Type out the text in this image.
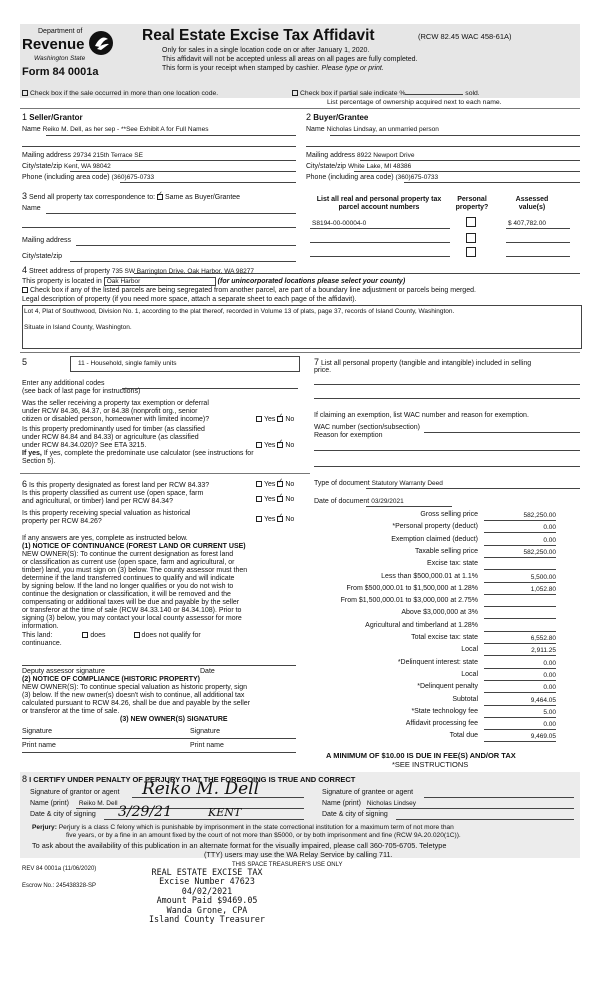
Department of
Revenue
Washington State
Form 84 0001a
Real Estate Excise Tax Affidavit	(RCW 82.45 WAC 458-61A)
Only for sales in a single location code on or after January 1, 2020.
This affidavit will not be accepted unless all areas on all pages are fully completed.
This form is your receipt when stamped by cashier. Please type or print.
Check box if the sale occurred in more than one location code.	Check box if partial sale indicate %	sold.
List percentage of ownership acquired next to each name.
1 Seller/Grantor
Name Reiko M. Dell, as her sep - **See Exhibit A for Full Names
Mailing address 29734 215th Terrace SE
City/state/zip Kent, WA 98042
Phone (including area code) (360)675-0733
2 Buyer/Grantee
Name Nicholas Lindsay, an unmarried person
Mailing address 8922 Newport Drive
City/state/zip White Lake, MI 48386
Phone (including area code) (360)675-0733
3 Send all property tax correspondence to: ✓ Same as Buyer/Grantee
Name
Mailing address
City/state/zip
List all real and personal property tax parcel account numbers
Personal property?
Assessed value(s)
S8194-00-00004-0	$ 407,782.00
4 Street address of property 735 SW Barrington Drive, Oak Harbor, WA 98277
This property is located in Oak Harbor	(for unincorporated locations please select your county)
Check box if any of the listed parcels are being segregated from another parcel, are part of a boundary line adjustment or parcels being merged.
Legal description of property (if you need more space, attach a separate sheet to each page of the affidavit).
Lot 4, Plat of Southwood, Division No. 1, according to the plat thereof, recorded in Volume 13 of plats, page 37, records of Island County, Washington.
Situate in Island County, Washington.
5	11 - Household, single family units
Enter any additional codes
(see back of last page for instructions)
Was the seller receiving a property tax exemption or deferral
under RCW 84.36, 84.37, or 84.38 (nonprofit org., senior
citizen or disabled person, homeowner with limited income)?	Yes ✓ No
Is this property predominantly used for timber (as classified
under RCW 84.84 and 84.33) or agriculture (as classified
under RCW 84.34.020)? See ETA 3215.	Yes ✓ No
If yes, If yes, complete the predominate use calculator (see instructions for
Section 5).
7 List all personal property (tangible and intangible) included in selling
price.
If claiming an exemption, list WAC number and reason for exemption.
WAC number (section/subsection)
Reason for exemption
6 Is this property designated as forest land per RCW 84.33?	Yes ✓ No
Is this property classified as current use (open space, farm
and agricultural, or timber) land per RCW 84.34?	Yes ✓ No
Is this property receiving special valuation as historical
property per RCW 84.26?	Yes ✓ No
If any answers are yes, complete as instructed below.
(1) NOTICE OF CONTINUANCE (FOREST LAND OR CURRENT USE)
NEW OWNER(S): To continue the current designation as forest land
or classification as current use (open space, farm and agricultural, or
timber) land, you must sign on (3) below. The county assessor must then
determine if the land transferred continues to qualify and will indicate
by signing below. If the land no longer qualifies or you do not wish to
continue the designation or classification, it will be removed and the
compensating or additional taxes will be due and payable by the seller
or transferor at the time of sale (RCW 84.33.140 or 84.34.108). Prior to
signing (3) below, you may contact your local county assessor for more
information.
This land:	does	does not qualify for
continuance.
Deputy assessor signature	Date
(2) NOTICE OF COMPLIANCE (HISTORIC PROPERTY)
NEW OWNER(S): To continue special valuation as historic property, sign
(3) below. If the new owner(s) doesn't wish to continue, all additional tax
calculated pursuant to RCW 84.26, shall be due and payable by the seller
or transferor at the time of sale.
(3) NEW OWNER(S) SIGNATURE
Signature	Signature
Print name	Print name
Type of document Statutory Warranty Deed
Date of document 03/29/2021
Gross selling price	582,250.00
*Personal property (deduct)	0.00
Exemption claimed (deduct)	0.00
Taxable selling price	582,250.00
Excise tax: state
Less than $500,000.01 at 1.1%	5,500.00
From $500,000.01 to $1,500,000 at 1.28%	1,052.80
From $1,500,000.01 to $3,000,000 at 2.75%
Above $3,000,000 at 3%
Agricultural and timberland at 1.28%
Total excise tax: state	6,552.80
Local	2,911.25
*Delinquent interest: state	0.00
Local	0.00
*Delinquent penalty	0.00
Subtotal	9,464.05
*State technology fee	5.00
Affidavit processing fee	0.00
Total due	9,469.05
A MINIMUM OF $10.00 IS DUE IN FEE(S) AND/OR TAX
*SEE INSTRUCTIONS
8 I CERTIFY UNDER PENALTY OF PERJURY THAT THE FOREGOING IS TRUE AND CORRECT
Signature of grantor or agent Reiko M. Dell
Name (print) Reiko M. Dell
Date & city of signing 3/29/21	KENT
Signature of grantee or agent
Name (print) Nicholas Lindsey
Date & city of signing
Perjury: Perjury is a class C felony which is punishable by imprisonment in the state correctional institution for a maximum term of not more than
five years, or by a fine in an amount fixed by the court of not more than $5000, or by both imprisonment and fine (RCW 9A.20.020(1C)).
To ask about the availability of this publication in an alternate format for the visually impaired, please call 360-705-6705. Teletype
(TTY) users may use the WA Relay Service by calling 711.
REV 84 0001a (11/06/2020)
THIS SPACE TREASURER'S USE ONLY
Escrow No.: 245438328-SP
REAL ESTATE EXCISE TAX
Excise Number 47623
04/02/2021
Amount Paid $9469.05
Wanda Grone, CPA
Island County Treasurer
